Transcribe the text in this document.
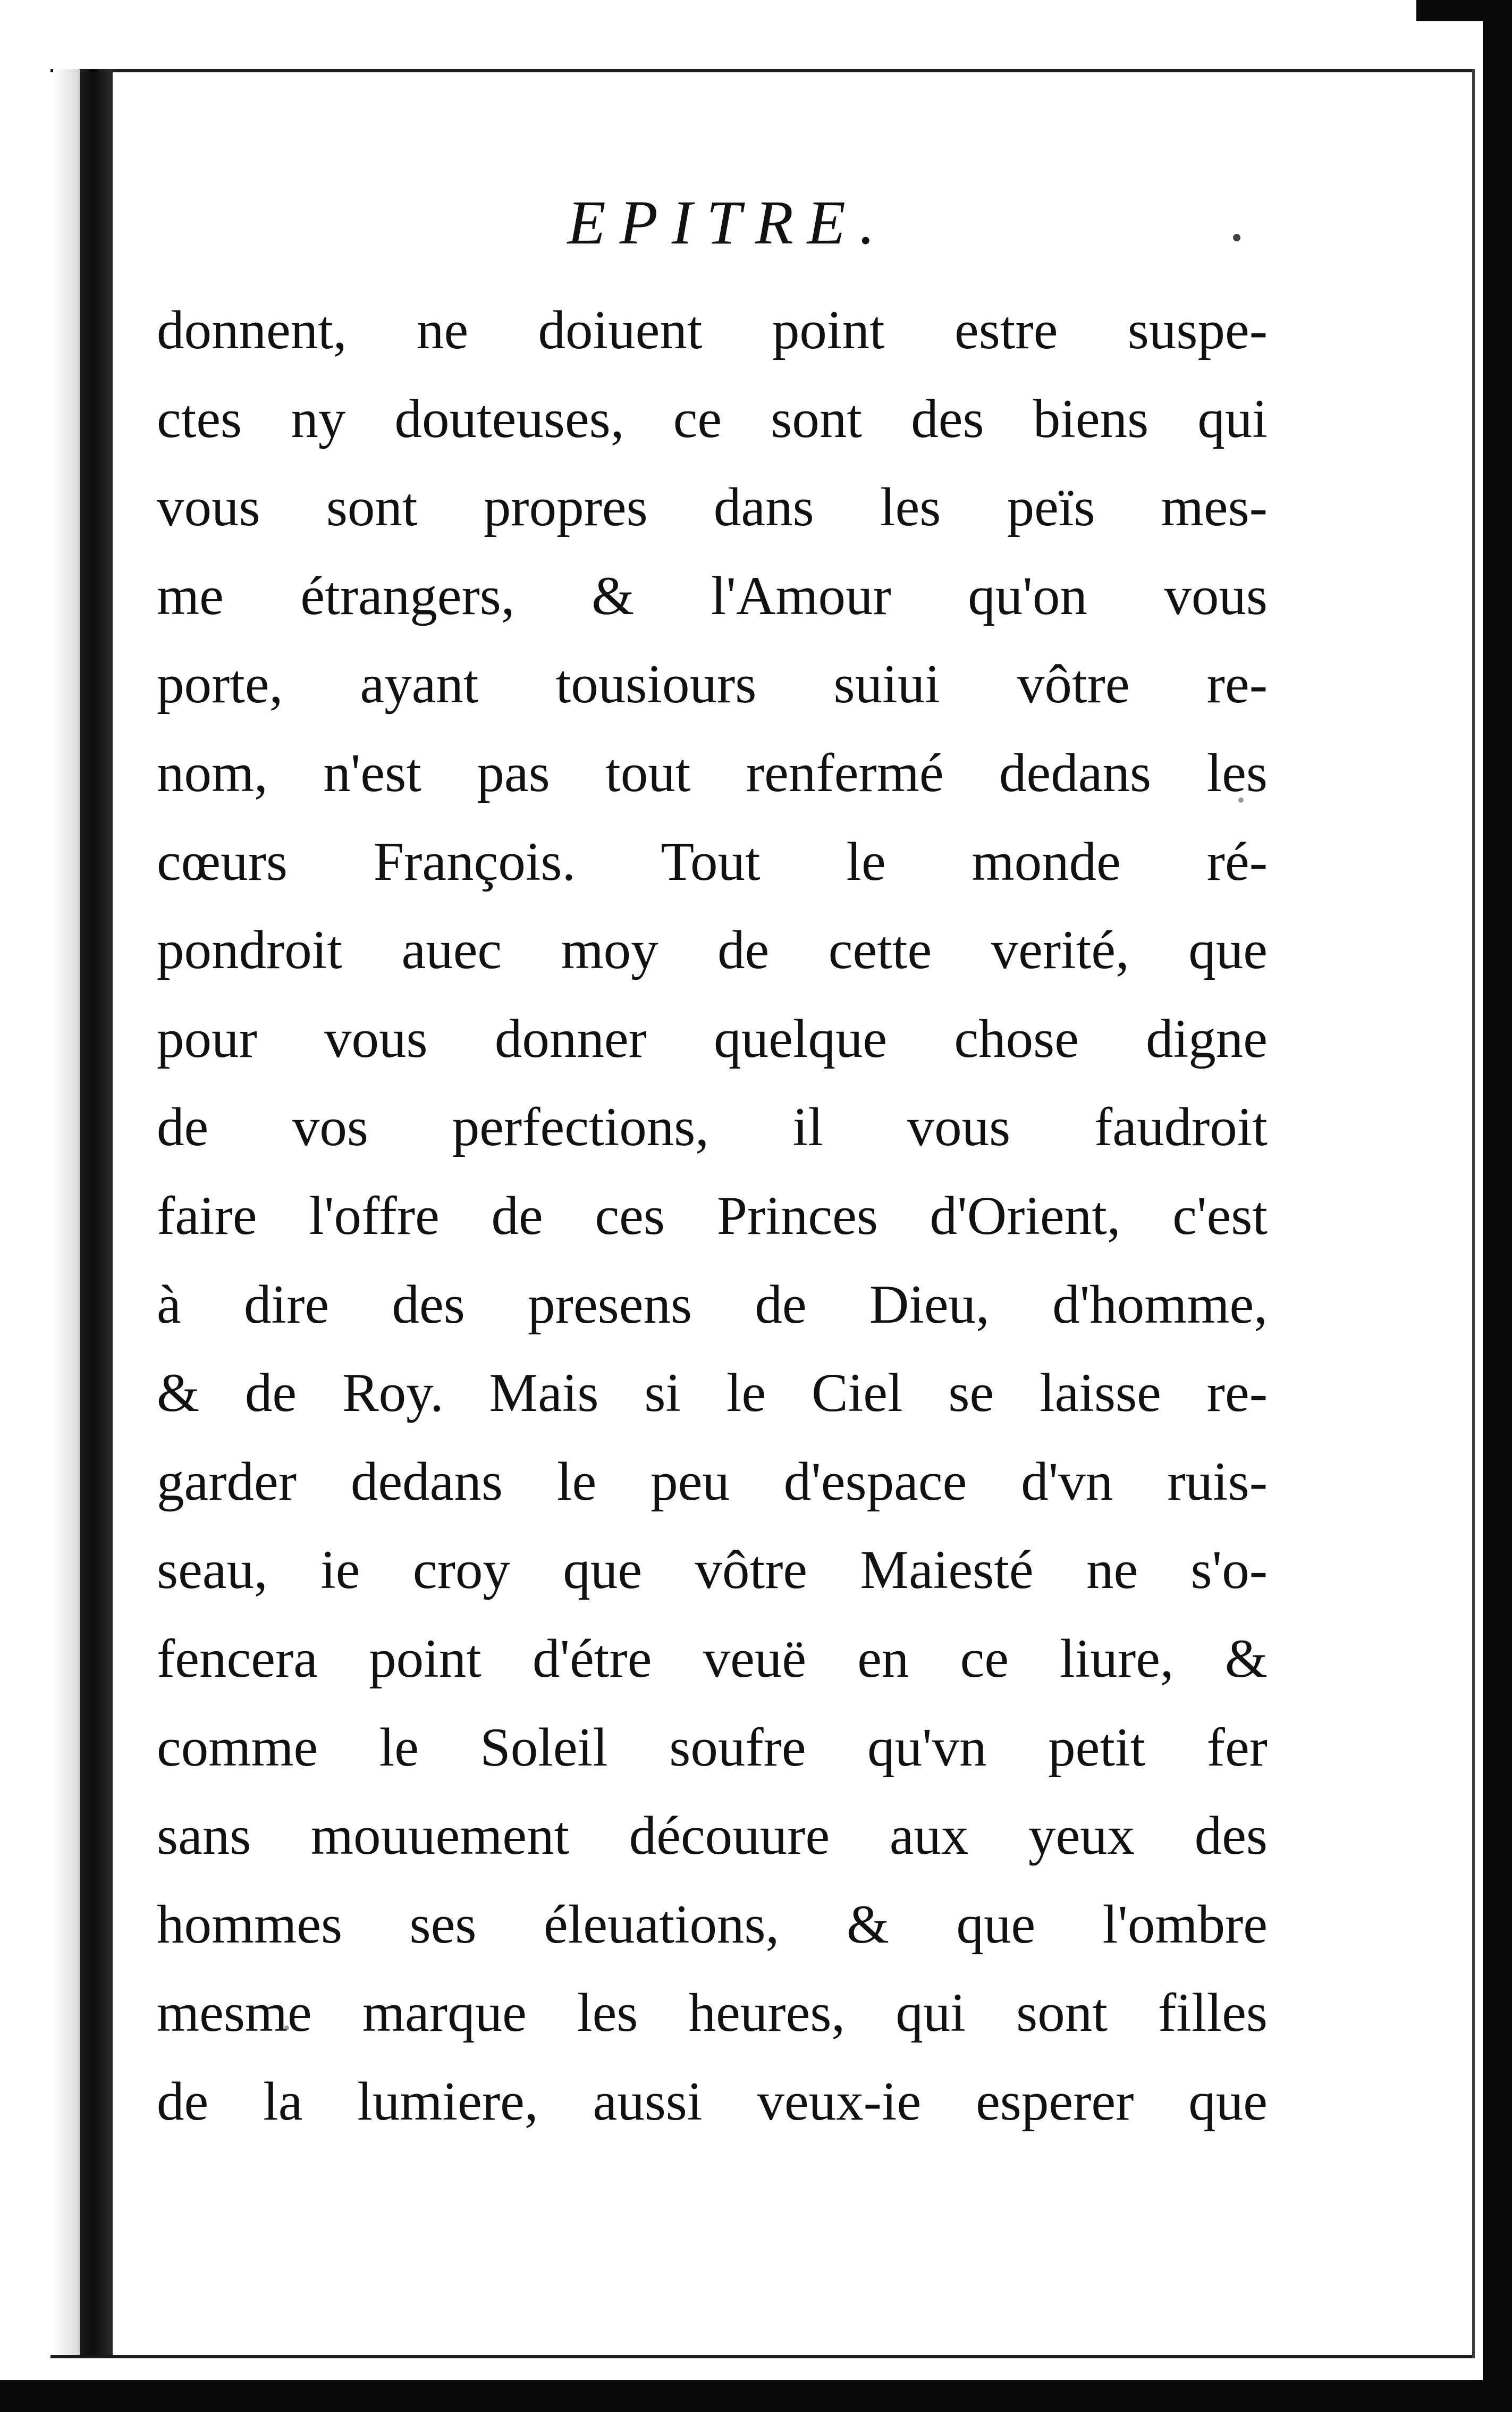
EPITRE.
donnent, ne doiuent point estre suspe-
ctes ny douteuses, ce sont des biens qui
vous sont propres dans les peïs mes-
me étrangers, & l'Amour qu'on vous
porte, ayant tousiours suiui vôtre re-
nom, n'est pas tout renfermé dedans les
cœurs François. Tout le monde ré-
pondroit auec moy de cette verité, que
pour vous donner quelque chose digne
de vos perfections, il vous faudroit
faire l'offre de ces Princes d'Orient, c'est
à dire des presens de Dieu, d'homme,
& de Roy. Mais si le Ciel se laisse re-
garder dedans le peu d'espace d'vn ruis-
seau, ie croy que vôtre Maiesté ne s'o-
fencera point d'étre veuë en ce liure, &
comme le Soleil soufre qu'vn petit fer
sans mouuement découure aux yeux des
hommes ses éleuations, & que l'ombre
mesme marque les heures, qui sont filles
de la lumiere, aussi veux-ie esperer que
